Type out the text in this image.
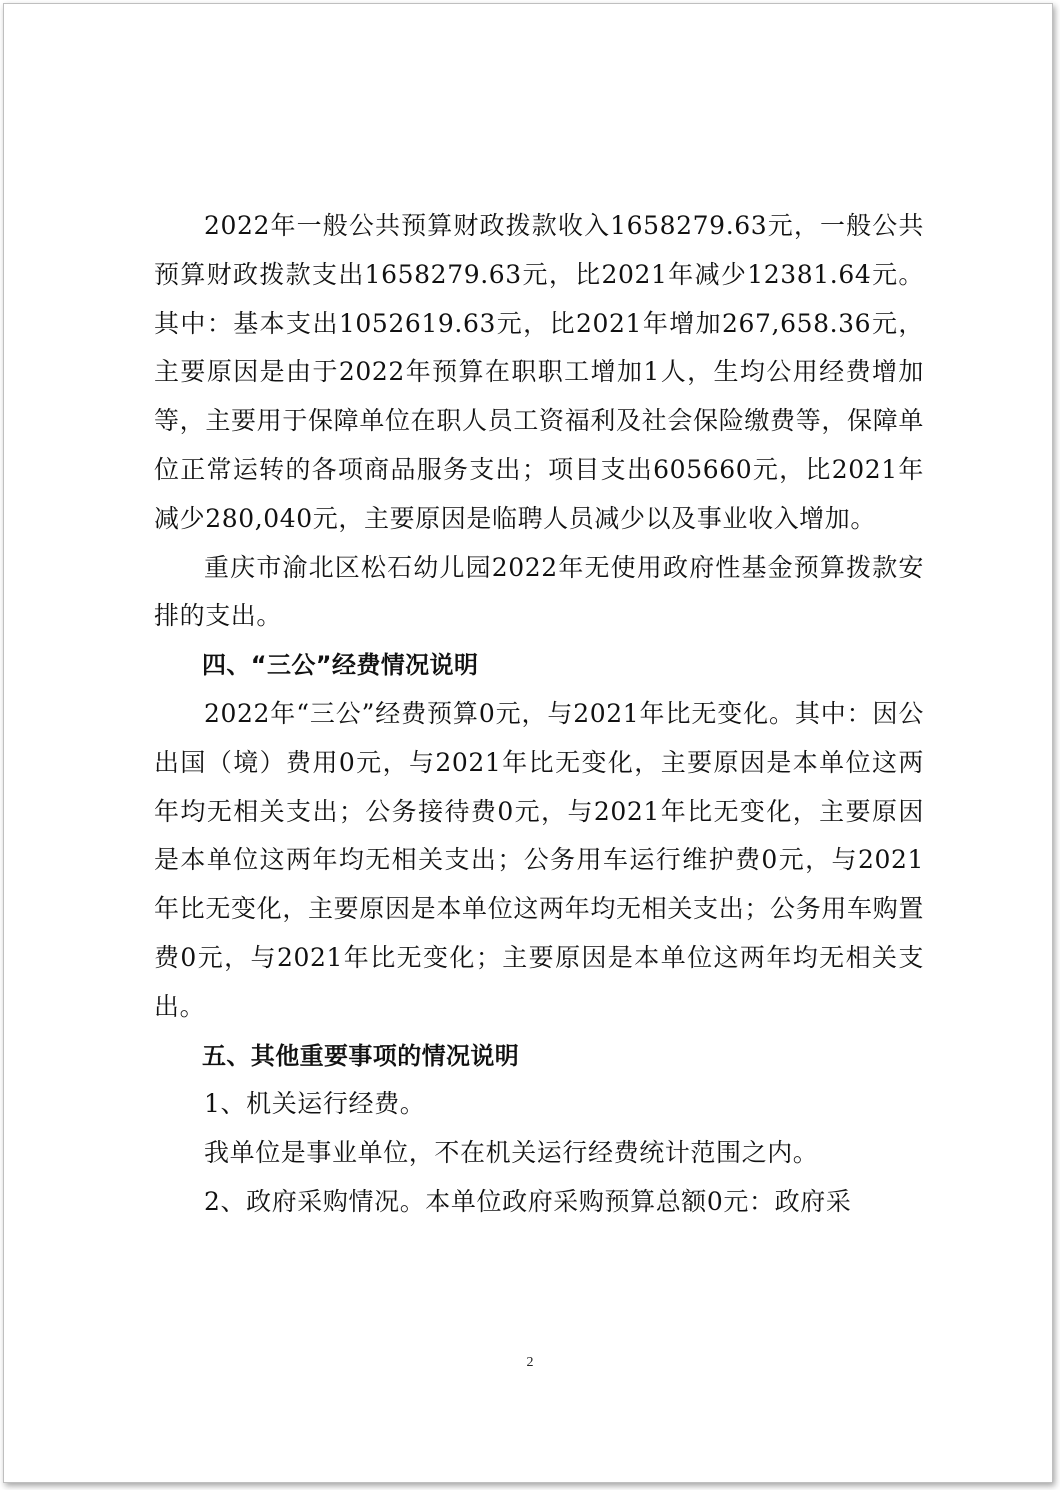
2022年一般公共预算财政拨款收入1658279.63元，一般公共预算财政拨款支出1658279.63元，比2021年减少12381.64元。其中：基本支出1052619.63元，比2021年增加267,658.36元，主要原因是由于2022年预算在职职工增加1人，生均公用经费增加等，主要用于保障单位在职人员工资福利及社会保险缴费等，保障单位正常运转的各项商品服务支出；项目支出605660元，比2021年减少280,040元，主要原因是临聘人员减少以及事业收入增加。

重庆市渝北区松石幼儿园2022年无使用政府性基金预算拨款安排的支出。

四、“三公”经费情况说明

2022年“三公”经费预算0元，与2021年比无变化。其中：因公出国（境）费用0元，与2021年比无变化，主要原因是本单位这两年均无相关支出；公务接待费0元，与2021年比无变化，主要原因是本单位这两年均无相关支出；公务用车运行维护费0元，与2021年比无变化，主要原因是本单位这两年均无相关支出；公务用车购置费0元，与2021年比无变化；主要原因是本单位这两年均无相关支出。

五、其他重要事项的情况说明

1、机关运行经费。

我单位是事业单位，不在机关运行经费统计范围之内。

2、政府采购情况。本单位政府采购预算总额0元：政府采

2
